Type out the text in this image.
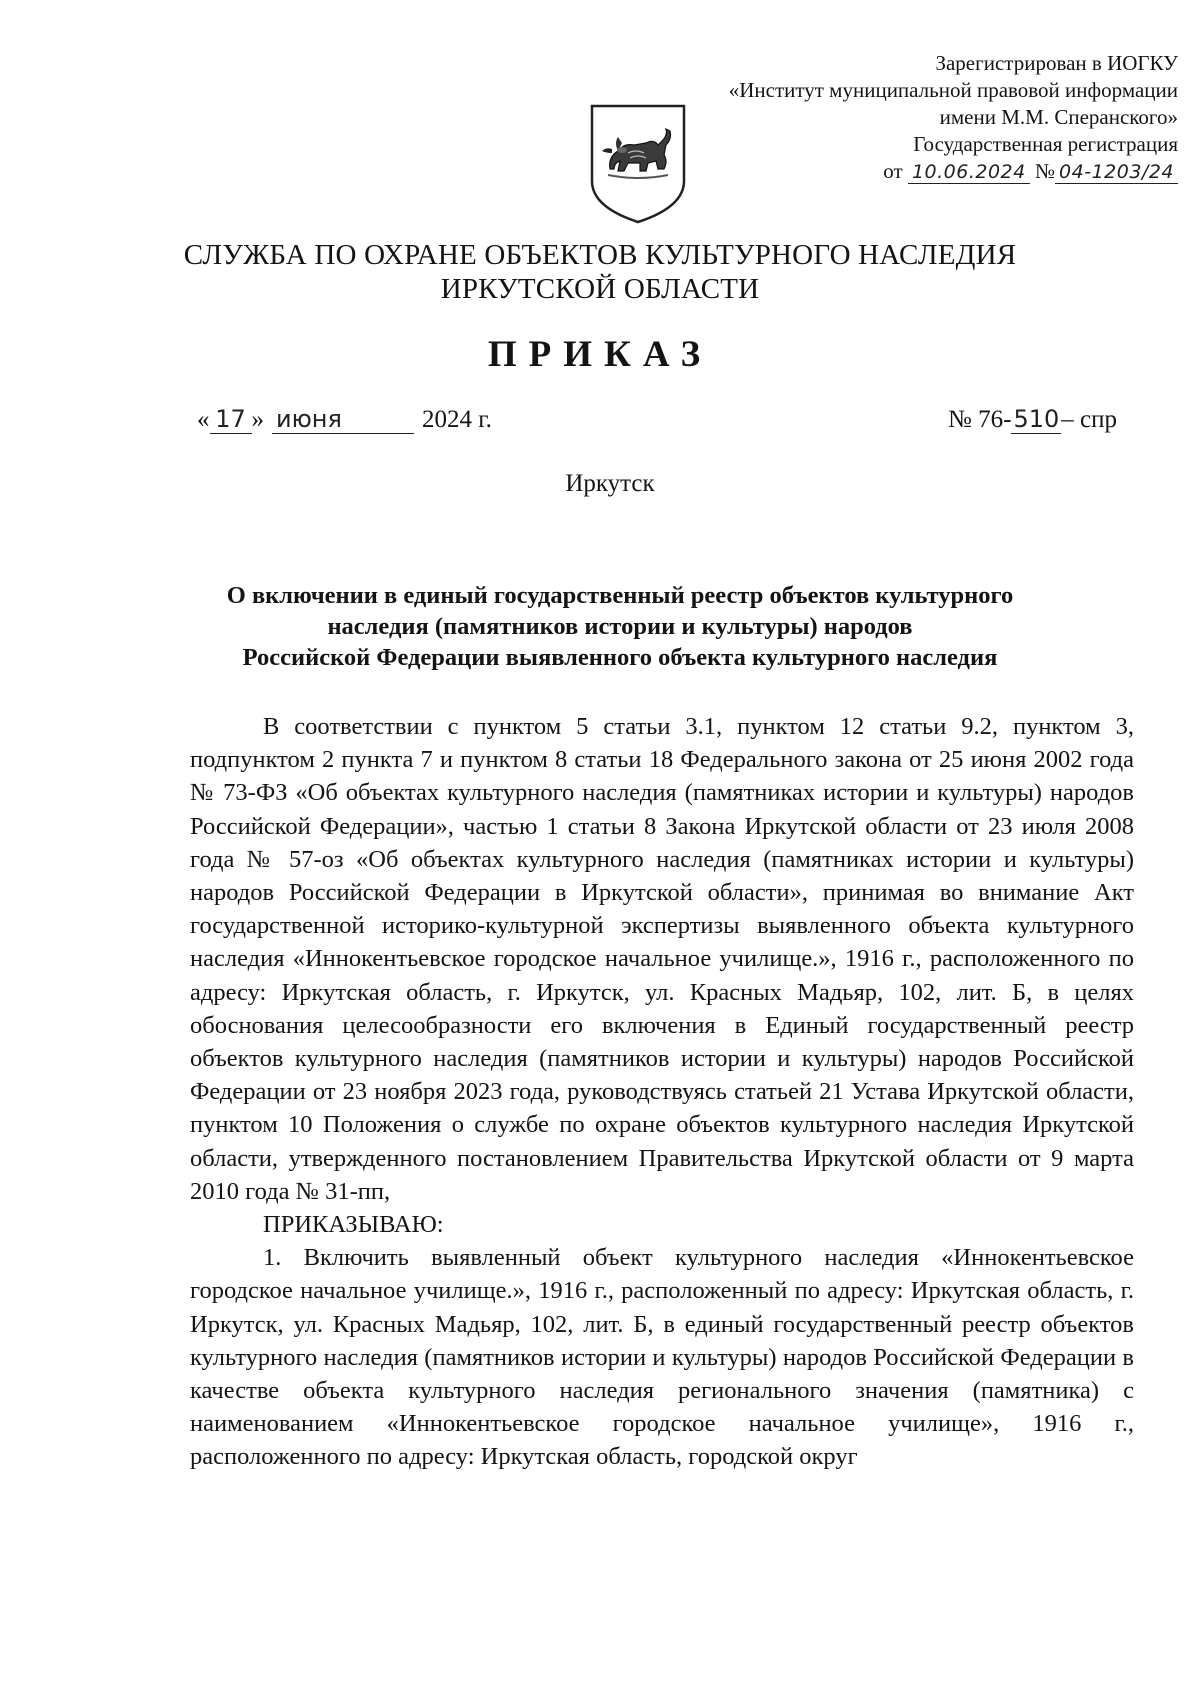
Зарегистрирован в ИОГКУ
«Институт муниципальной правовой информации
имени М.М. Сперанского»
Государственная регистрация
от 10.06.2024 № 04-1203/24
СЛУЖБА ПО ОХРАНЕ ОБЪЕКТОВ КУЛЬТУРНОГО НАСЛЕДИЯ
ИРКУТСКОЙ ОБЛАСТИ
ПРИКАЗ
« 17 » июня	2024 г.	№ 76-510– спр
Иркутск
О включении в единый государственный реестр объектов культурного
наследия (памятников истории и культуры) народов
Российской Федерации выявленного объекта культурного наследия

В соответствии с пунктом 5 статьи 3.1, пунктом 12 статьи 9.2, пунктом 3, подпунктом 2 пункта 7 и пунктом 8 статьи 18 Федерального закона от 25 июня 2002 года № 73-ФЗ «Об объектах культурного наследия (памятниках истории и культуры) народов Российской Федерации», частью 1 статьи 8 Закона Иркутской области от 23 июля 2008 года № 57-оз «Об объектах культурного наследия (памятниках истории и культуры) народов Российской Федерации в Иркутской области», принимая во внимание Акт государственной историко-культурной экспертизы выявленного объекта культурного наследия «Иннокентьевское городское начальное училище.», 1916 г., расположенного по адресу: Иркутская область, г. Иркутск, ул. Красных Мадьяр, 102, лит. Б, в целях обоснования целесообразности его включения в Единый государственный реестр объектов культурного наследия (памятников истории и культуры) народов Российской Федерации от 23 ноября 2023 года, руководствуясь статьей 21 Устава Иркутской области, пунктом 10 Положения о службе по охране объектов культурного наследия Иркутской области, утвержденного постановлением Правительства Иркутской области от 9 марта 2010 года № 31-пп,

ПРИКАЗЫВАЮ:

1. Включить выявленный объект культурного наследия «Иннокентьевское городское начальное училище.», 1916 г., расположенный по адресу: Иркутская область, г. Иркутск, ул. Красных Мадьяр, 102, лит. Б, в единый государственный реестр объектов культурного наследия (памятников истории и культуры) народов Российской Федерации в качестве объекта культурного наследия регионального значения (памятника) с наименованием «Иннокентьевское городское начальное училище», 1916 г., расположенного по адресу: Иркутская область, городской округ
